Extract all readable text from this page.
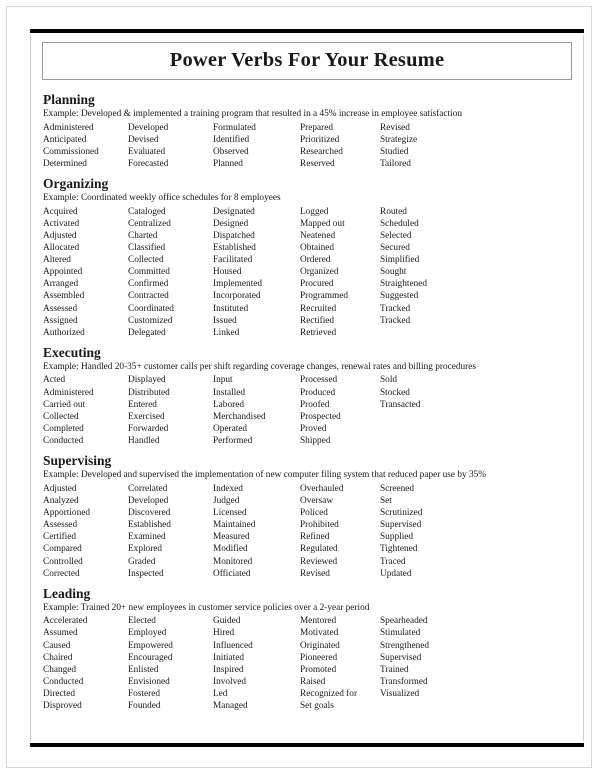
Power Verbs For Your Resume
Planning
Example: Developed & implemented a training program that resulted in a 45% increase in employee satisfaction
Administered
Anticipated
Commissioned
Determined
Developed
Devised
Evaluated
Forecasted
Formulated
Identified
Observed
Planned
Prepared
Prioritized
Researched
Reserved
Revised
Strategize
Studied
Tailored
Organizing
Example: Coordinated weekly office schedules for 8 employees
Acquired
Activated
Adjusted
Allocated
Altered
Appointed
Arranged
Assembled
Assessed
Assigned
Authorized
Cataloged
Centralized
Charted
Classified
Collected
Committed
Confirmed
Contracted
Coordinated
Customized
Delegated
Designated
Designed
Dispatched
Established
Facilitated
Housed
Implemented
Incorporated
Instituted
Issued
Linked
Logged
Mapped out
Neatened
Obtained
Ordered
Organized
Procured
Programmed
Recruited
Rectified
Retrieved
Routed
Scheduled
Selected
Secured
Simplified
Sought
Straightened
Suggested
Tracked
Tracked
Executing
Example: Handled 20-35+ customer calls per shift regarding coverage changes, renewal rates and billing procedures
Acted
Administered
Carried out
Collected
Completed
Conducted
Displayed
Distributed
Entered
Exercised
Forwarded
Handled
Input
Installed
Labored
Merchandised
Operated
Performed
Processed
Produced
Proofed
Prospected
Proved
Shipped
Sold
Stocked
Transacted
Supervising
Example: Developed and supervised the implementation of new computer filing system that reduced paper use by 35%
Adjusted
Analyzed
Apportioned
Assessed
Certified
Compared
Controlled
Corrected
Correlated
Developed
Discovered
Established
Examined
Explored
Graded
Inspected
Indexed
Judged
Licensed
Maintained
Measured
Modified
Monitored
Officiated
Overhauled
Oversaw
Policed
Prohibited
Refined
Regulated
Reviewed
Revised
Screened
Set
Scrutinized
Supervised
Supplied
Tightened
Traced
Updated
Leading
Example: Trained 20+ new employees in customer service policies over a 2-year period
Accelerated
Assumed
Caused
Chaired
Changed
Conducted
Directed
Disproved
Elected
Employed
Empowered
Encouraged
Enlisted
Envisioned
Fostered
Founded
Guided
Hired
Influenced
Initiated
Inspired
Involved
Led
Managed
Mentored
Motivated
Originated
Pioneered
Promoted
Raised
Recognized for
Set goals
Spearheaded
Stimulated
Strengthened
Supervised
Trained
Transformed
Visualized
